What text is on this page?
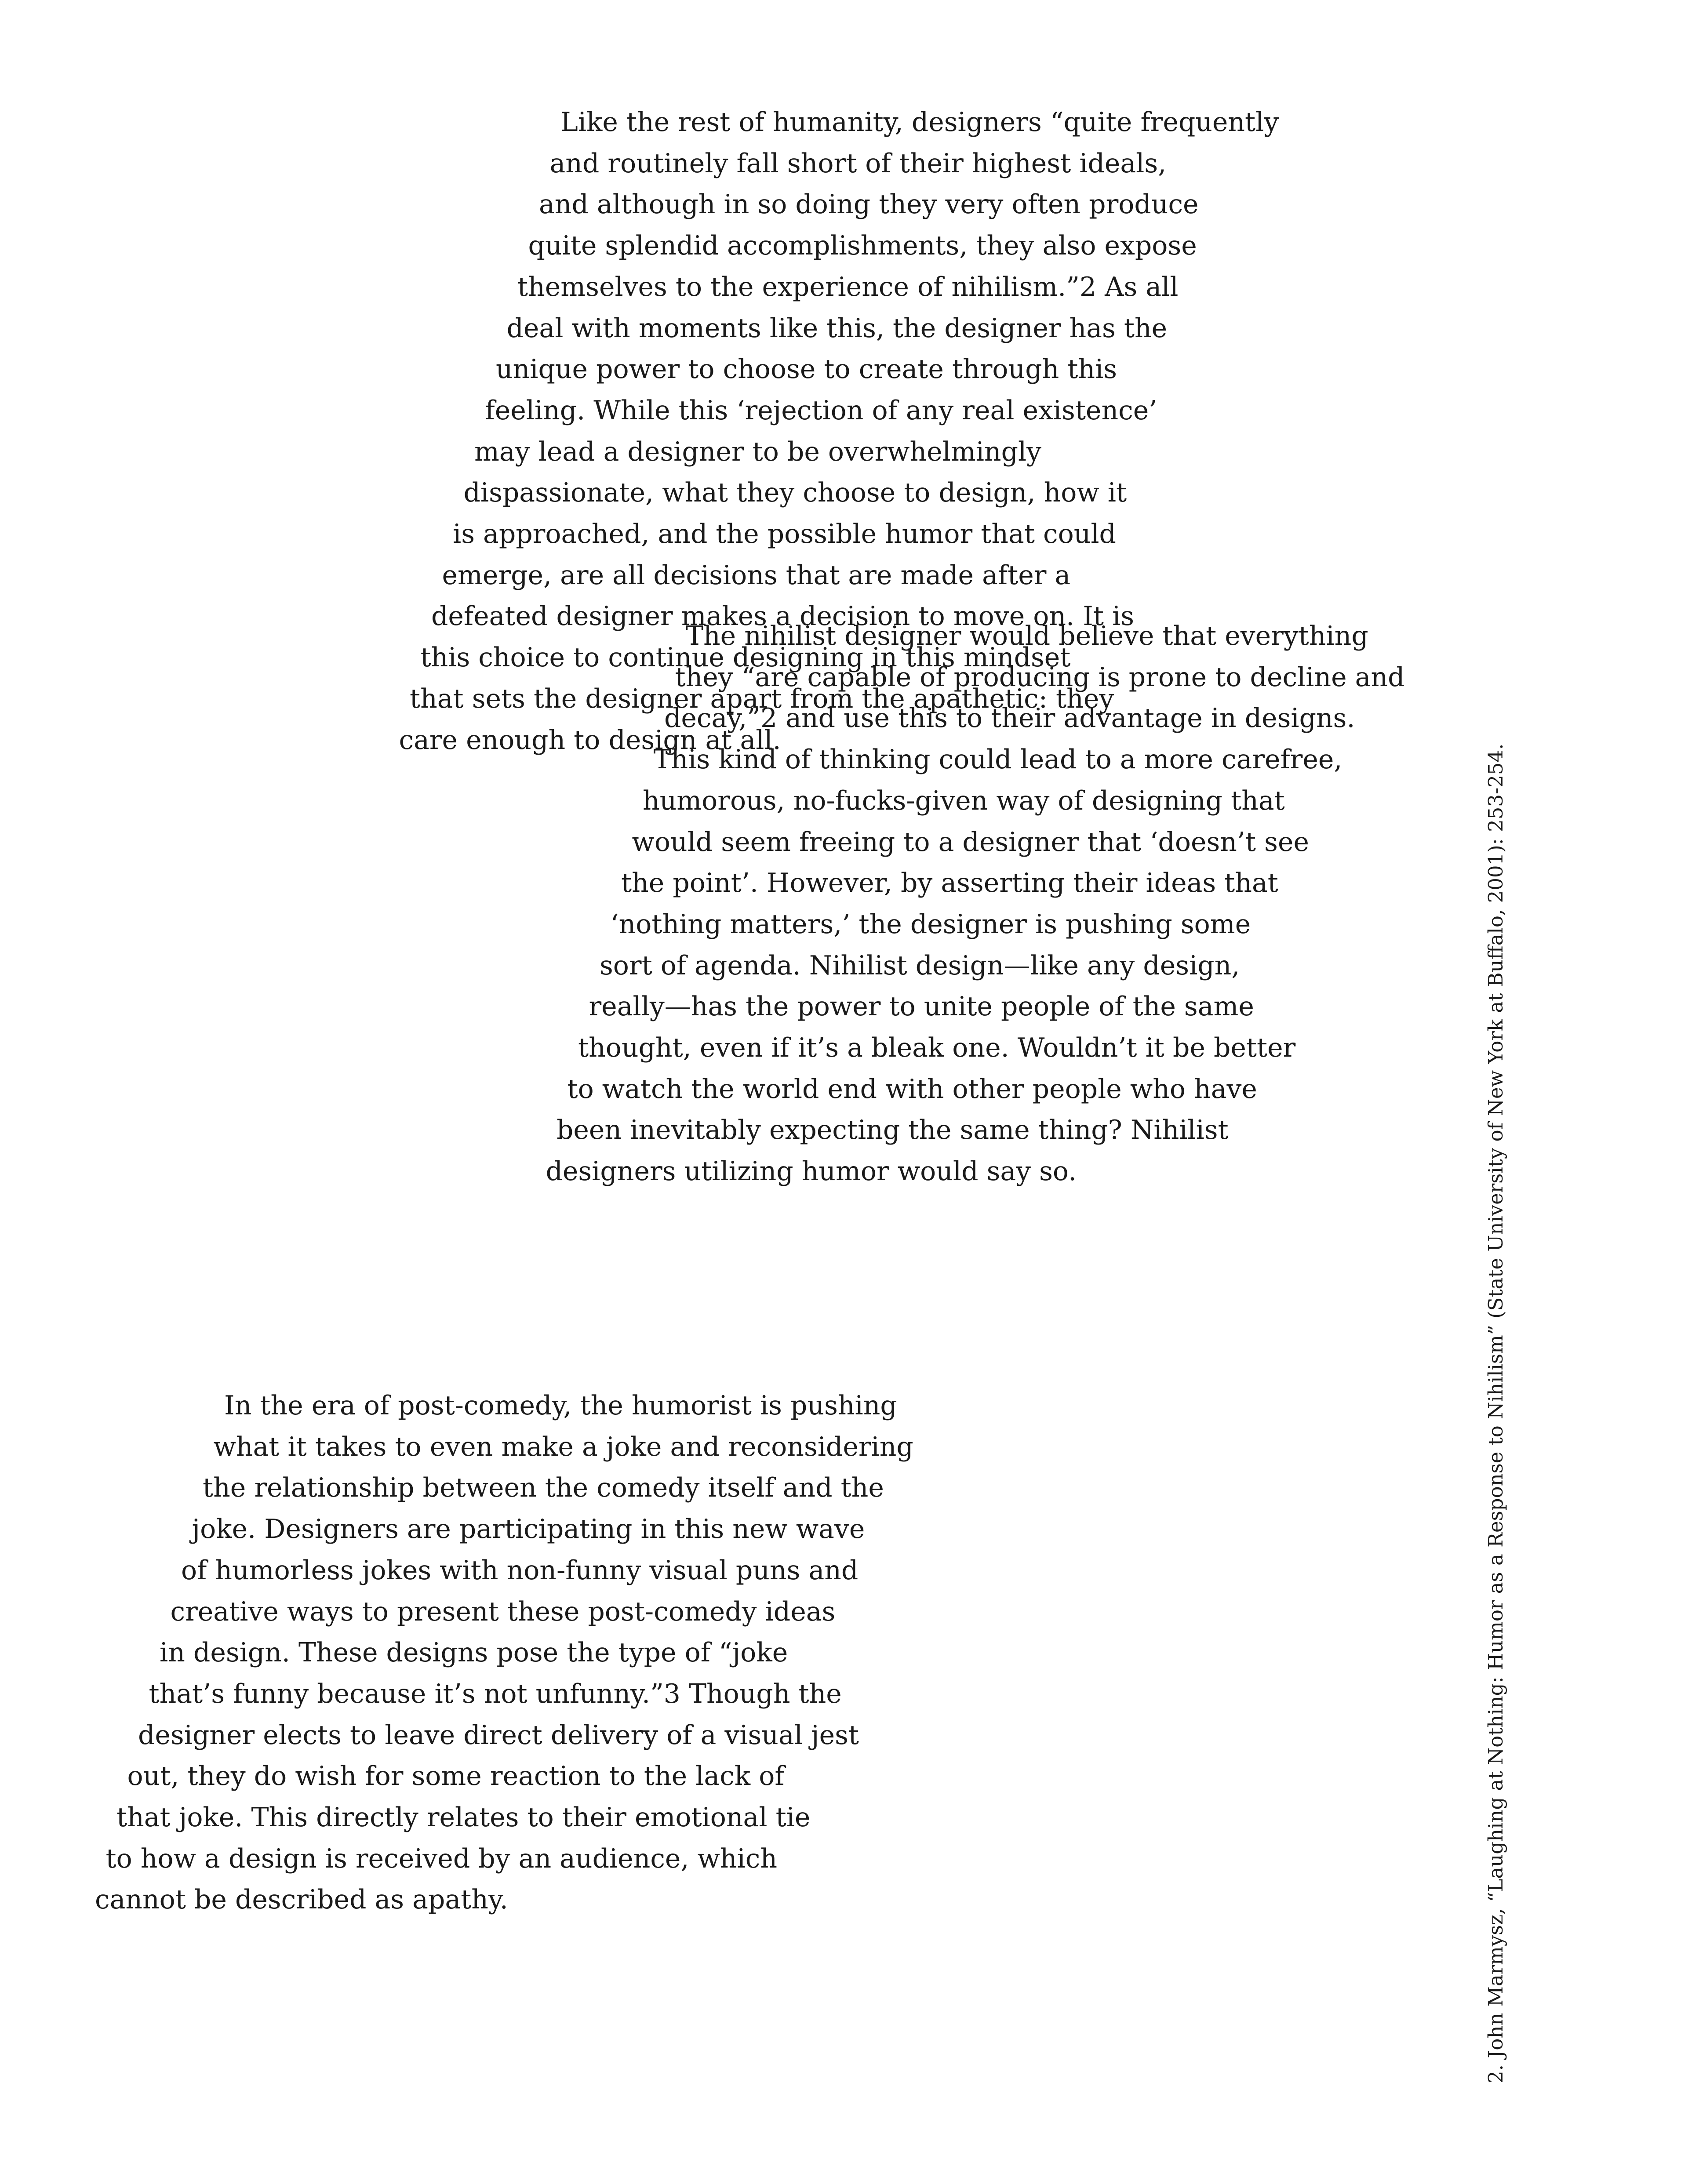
Like the rest of humanity, designers “quite frequently
and routinely fall short of their highest ideals,
and although in so doing they very often produce
quite splendid accomplishments, they also expose
themselves to the experience of nihilism.”2 As all
deal with moments like this, the designer has the
unique power to choose to create through this
feeling. While this ‘rejection of any real existence’
may lead a designer to be overwhelmingly
dispassionate, what they choose to design, how it
is approached, and the possible humor that could
emerge, are all decisions that are made after a
defeated designer makes a decision to move on. It is
this choice to continue designing in this mindset
that sets the designer apart from the apathetic: they
care enough to design at all.
The nihilist designer would believe that everything
they “are capable of producing is prone to decline and
decay,”2 and use this to their advantage in designs.
This kind of thinking could lead to a more carefree,
humorous, no-fucks-given way of designing that
would seem freeing to a designer that ‘doesn’t see
the point’. However, by asserting their ideas that
‘nothing matters,’ the designer is pushing some
sort of agenda. Nihilist design—like any design,
really—has the power to unite people of the same
thought, even if it’s a bleak one. Wouldn’t it be better
to watch the world end with other people who have
been inevitably expecting the same thing? Nihilist
designers utilizing humor would say so.
In the era of post-comedy, the humorist is pushing
what it takes to even make a joke and reconsidering
the relationship between the comedy itself and the
joke. Designers are participating in this new wave
of humorless jokes with non-funny visual puns and
creative ways to present these post-comedy ideas
in design. These designs pose the type of “joke
that’s funny because it’s not unfunny.”3 Though the
designer elects to leave direct delivery of a visual jest
out, they do wish for some reaction to the lack of
that joke. This directly relates to their emotional tie
to how a design is received by an audience, which
cannot be described as apathy.	2. John Marmysz, “Laughing at Nothing: Humor as a Response to Nihilism” (State University of New York at Buffalo, 2001): 253-254.
